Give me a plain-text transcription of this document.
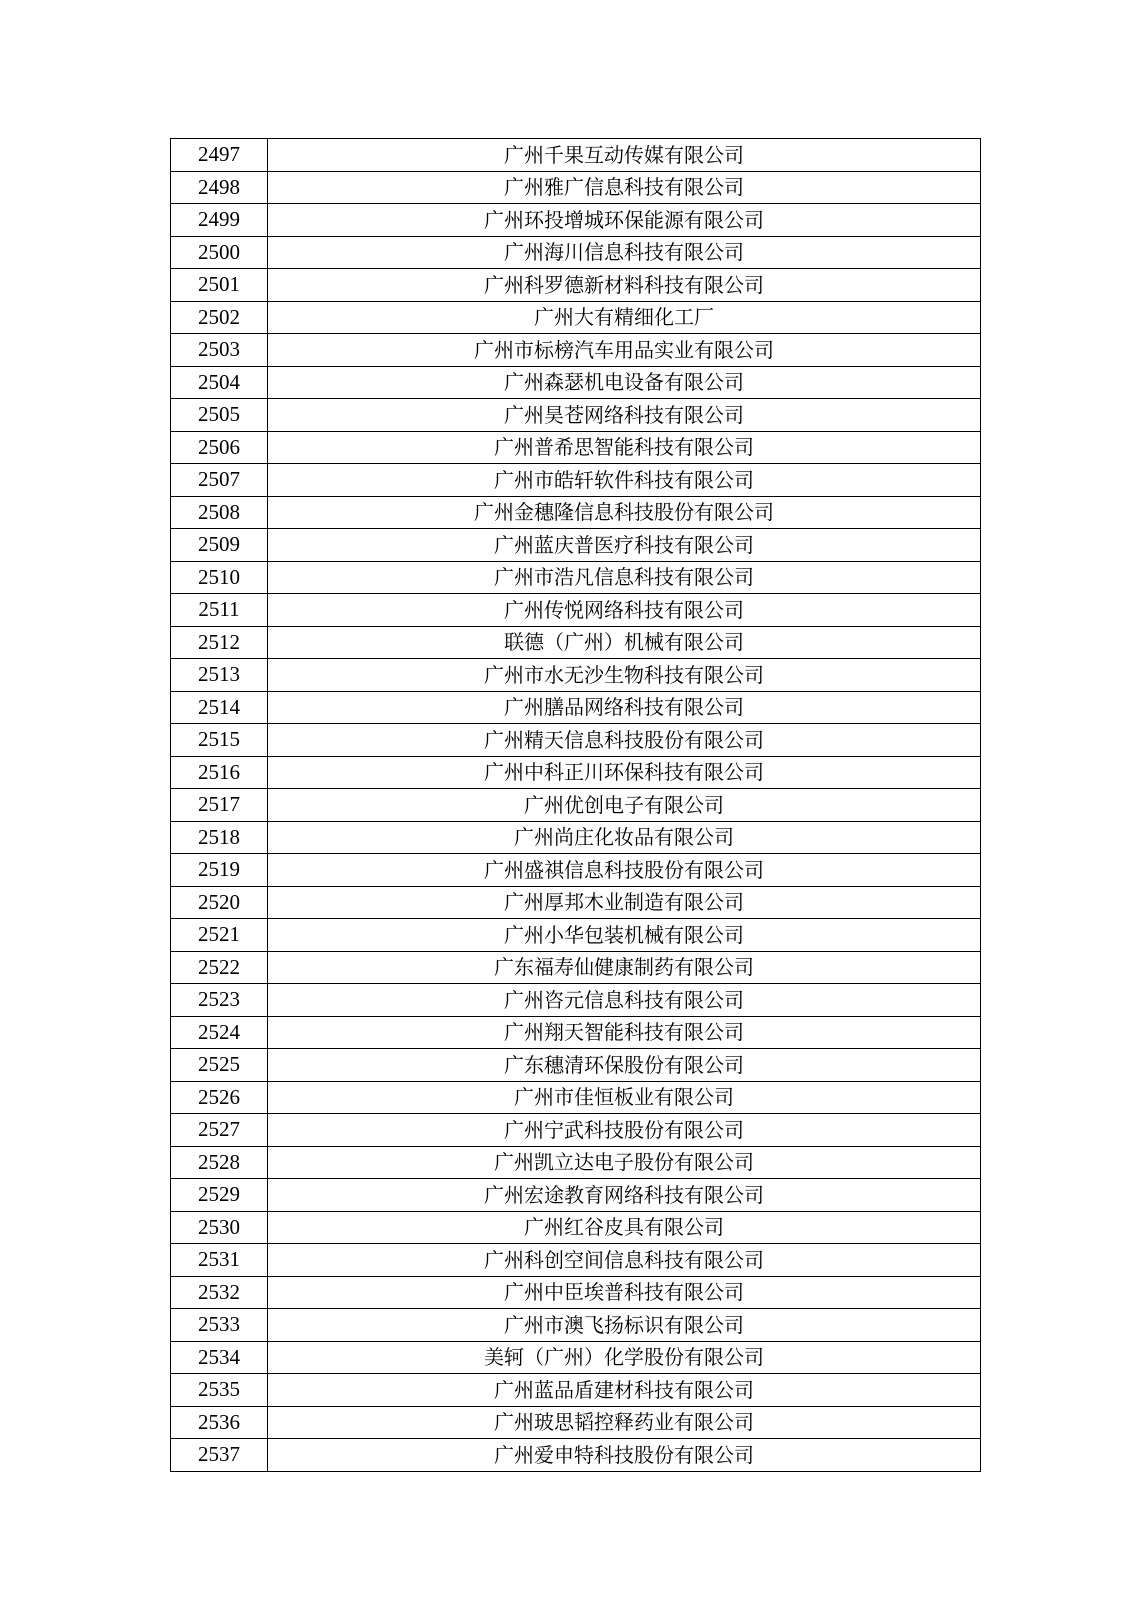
2497	广州千果互动传媒有限公司
2498	广州雅广信息科技有限公司
2499	广州环投增城环保能源有限公司
2500	广州海川信息科技有限公司
2501	广州科罗德新材料科技有限公司
2502	广州大有精细化工厂
2503	广州市标榜汽车用品实业有限公司
2504	广州森瑟机电设备有限公司
2505	广州昊苍网络科技有限公司
2506	广州普希思智能科技有限公司
2507	广州市皓轩软件科技有限公司
2508	广州金穗隆信息科技股份有限公司
2509	广州蓝庆普医疗科技有限公司
2510	广州市浩凡信息科技有限公司
2511	广州传悦网络科技有限公司
2512	联德（广州）机械有限公司
2513	广州市水无沙生物科技有限公司
2514	广州膳品网络科技有限公司
2515	广州精天信息科技股份有限公司
2516	广州中科正川环保科技有限公司
2517	广州优创电子有限公司
2518	广州尚庄化妆品有限公司
2519	广州盛祺信息科技股份有限公司
2520	广州厚邦木业制造有限公司
2521	广州小华包装机械有限公司
2522	广东福寿仙健康制药有限公司
2523	广州咨元信息科技有限公司
2524	广州翔天智能科技有限公司
2525	广东穗清环保股份有限公司
2526	广州市佳恒板业有限公司
2527	广州宁武科技股份有限公司
2528	广州凯立达电子股份有限公司
2529	广州宏途教育网络科技有限公司
2530	广州红谷皮具有限公司
2531	广州科创空间信息科技有限公司
2532	广州中臣埃普科技有限公司
2533	广州市澳飞扬标识有限公司
2534	美轲（广州）化学股份有限公司
2535	广州蓝品盾建材科技有限公司
2536	广州玻思韬控释药业有限公司
2537	广州爱申特科技股份有限公司
